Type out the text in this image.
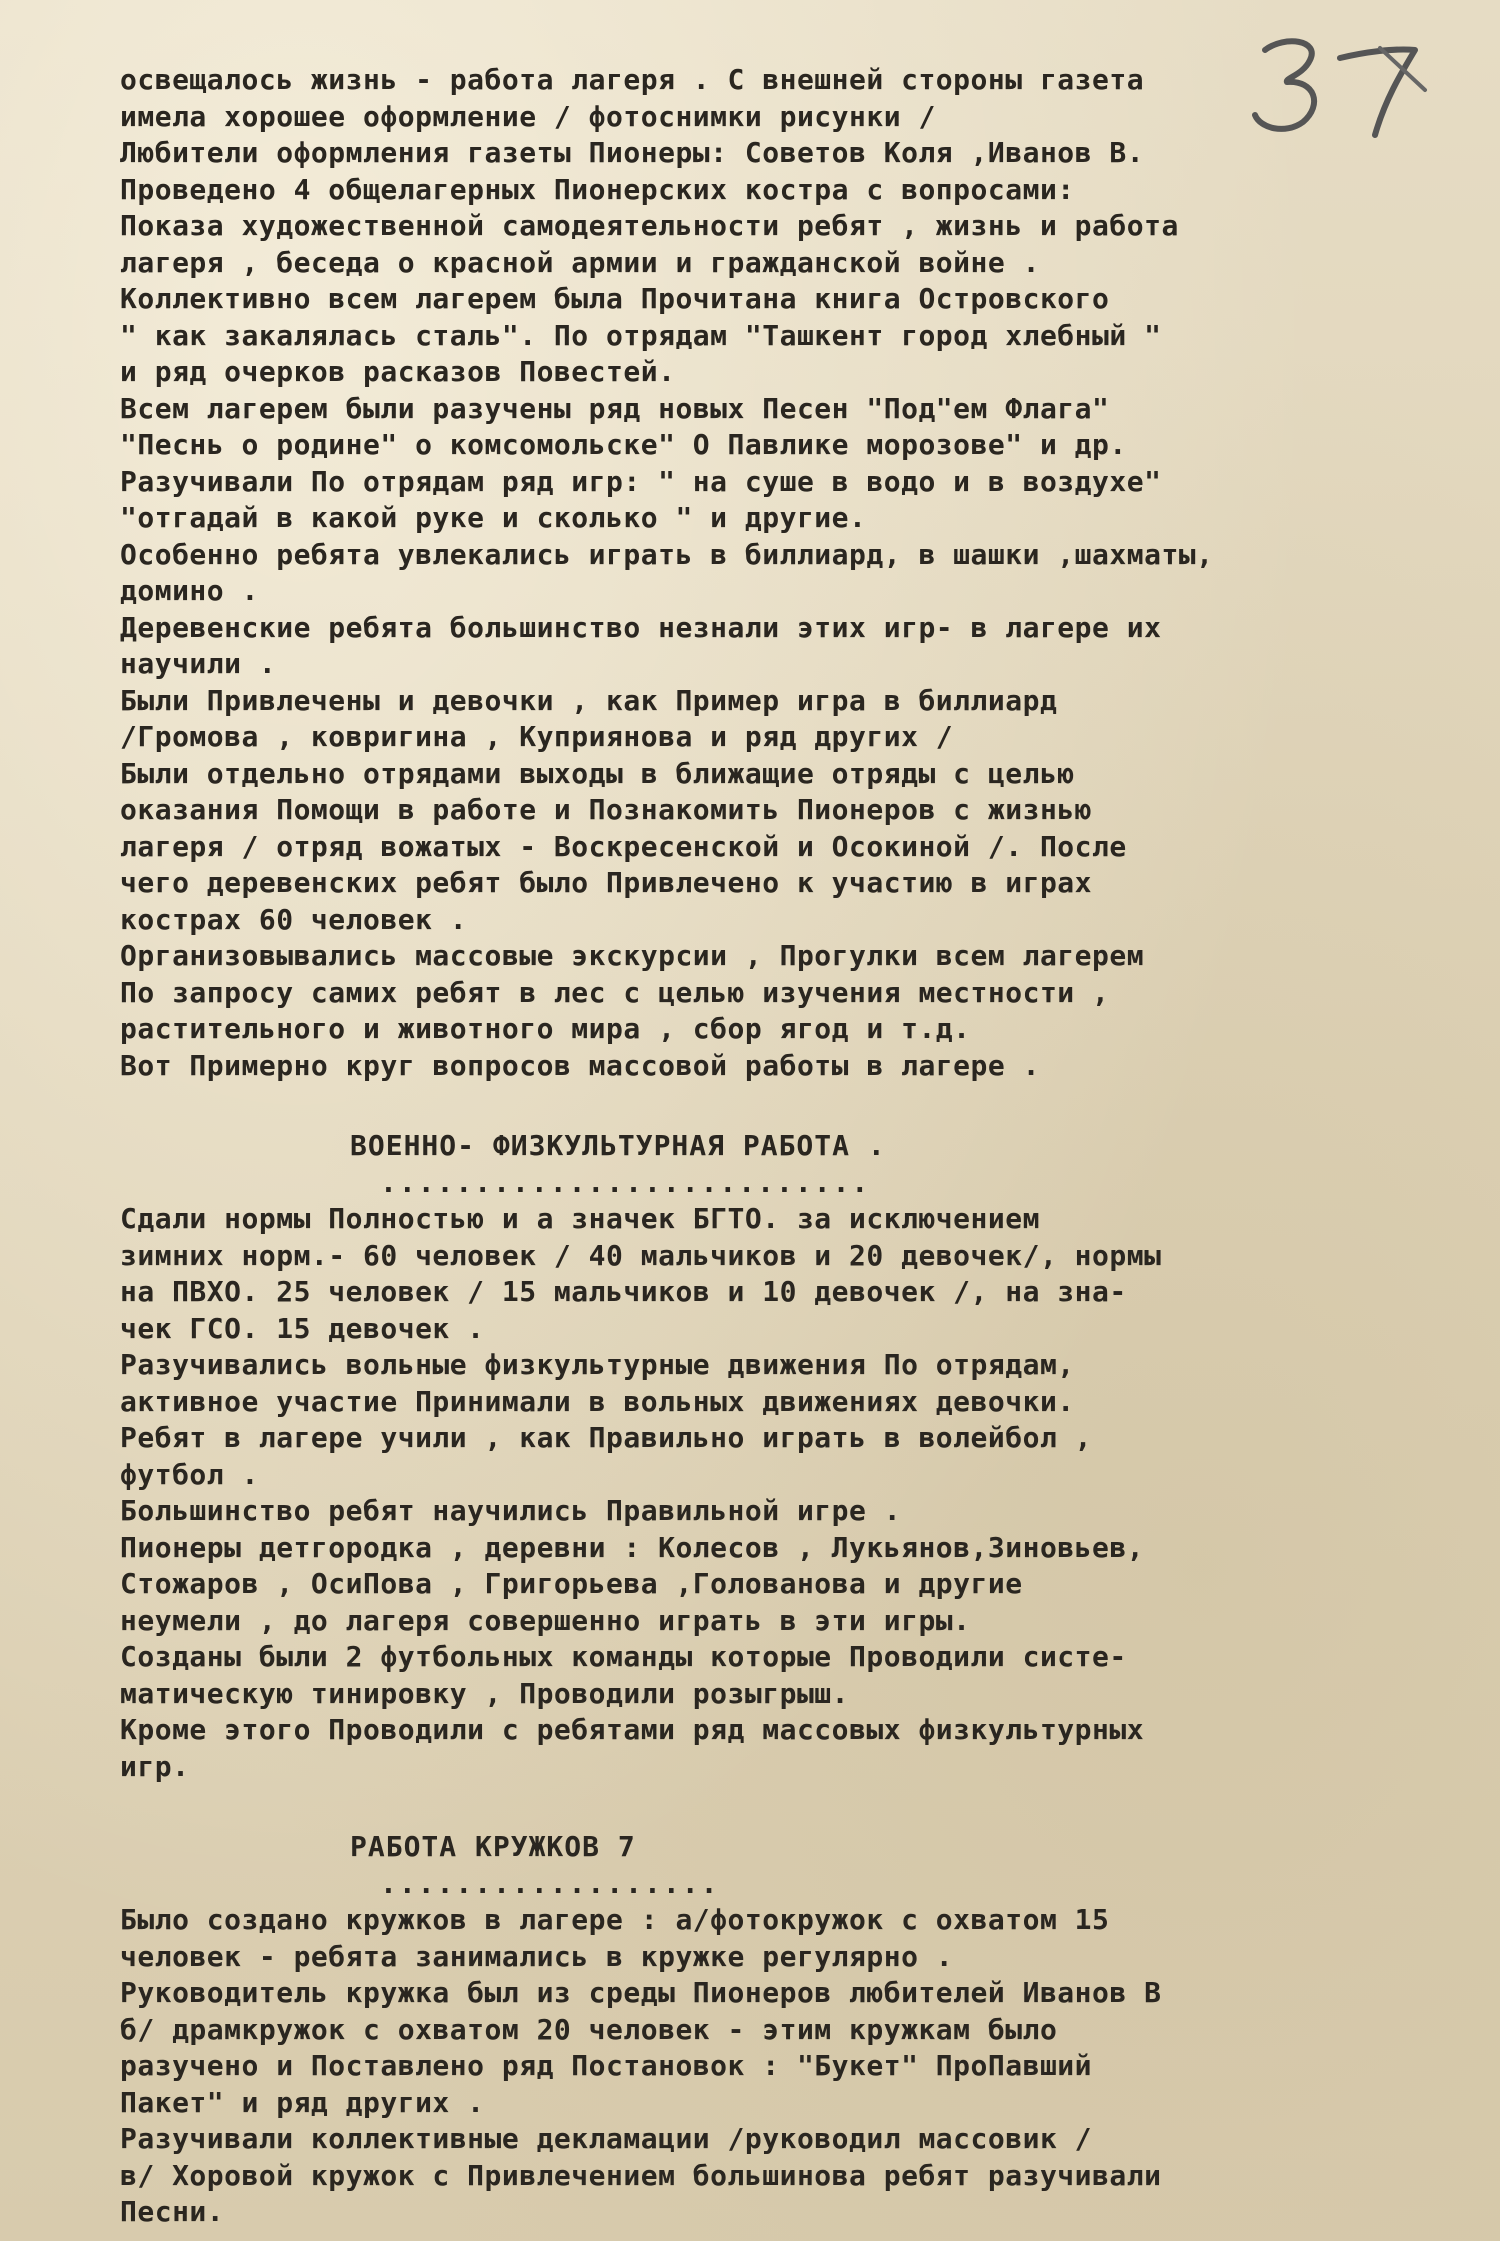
освещалось жизнь - работа лагеря . С внешней стороны газета
имела хорошее оформление / фотоснимки рисунки /
Любители оформления газеты Пионеры: Советов Коля ,Иванов В.
Проведено 4 общелагерных Пионерских костра с вопросами:
Показа художественной самодеятельности ребят , жизнь и работа
лагеря , беседа о красной армии и гражданской войне .
Коллективно всем лагерем была Прочитана книга Островского
" как закалялась сталь". По отрядам "Ташкент город хлебный "
и ряд очерков расказов Повестей.
Всем лагерем были разучены ряд новых Песен "Под"ем Флага"
"Песнь о родине" о комсомольске" О Павлике морозове" и др.
Разучивали По отрядам ряд игр: " на суше в водо и в воздухе"
"отгадай в какой руке и сколько " и другие.
Особенно ребята увлекались играть в биллиард, в шашки ,шахматы,
домино .
Деревенские ребята большинство незнали этих игр- в лагере их
научили .
Были Привлечены и девочки , как Пример игра в биллиард
/Громова , ковригина , Куприянова и ряд других /
Были отдельно отрядами выходы в ближащие отряды с целью
оказания Помощи в работе и Познакомить Пионеров с жизнью
лагеря / отряд вожатых - Воскресенской и Осокиной /. После
чего деревенских ребят было Привлечено к участию в играх
кострах 60 человек .
Организовывались массовые экскурсии , Прогулки всем лагерем
По запросу самих ребят в лес с целью изучения местности ,
растительного и животного мира , сбор ягод и т.д.
Вот Примерно круг вопросов массовой работы в лагере .
ВОЕННО- ФИЗКУЛЬТУРНАЯ РАБОТА .
..........................
Сдали нормы Полностью и а значек БГТО. за исключением
зимних норм.- 60 человек / 40 мальчиков и 20 девочек/, нормы
на ПВХО. 25 человек / 15 мальчиков и 10 девочек /, на зна-
чек ГСО. 15 девочек .
Разучивались вольные физкультурные движения По отрядам,
активное участие Принимали в вольных движениях девочки.
Ребят в лагере учили , как Правильно играть в волейбол ,
футбол .
Большинство ребят научились Правильной игре .
Пионеры детгородка , деревни : Колесов , Лукьянов,Зиновьев,
Стожаров , ОсиПова , Григорьева ,Голованова и другие
неумели , до лагеря совершенно играть в эти игры.
Созданы были 2 футбольных команды которые Проводили систе-
матическую тинировку , Проводили розыгрыш.
Кроме этого Проводили с ребятами ряд массовых физкультурных
игр.
РАБОТА КРУЖКОВ 7
..................
Было создано кружков в лагере : а/фотокружок с охватом 15
человек - ребята занимались в кружке регулярно .
Руководитель кружка был из среды Пионеров любителей Иванов В
б/ драмкружок с охватом 20 человек - этим кружкам было
разучено и Поставлено ряд Постановок : "Букет" ПроПавший
Пакет" и ряд других .
Разучивали коллективные декламации /руководил массовик /
в/ Хоровой кружок с Привлечением большинова ребят разучивали
Песни.
